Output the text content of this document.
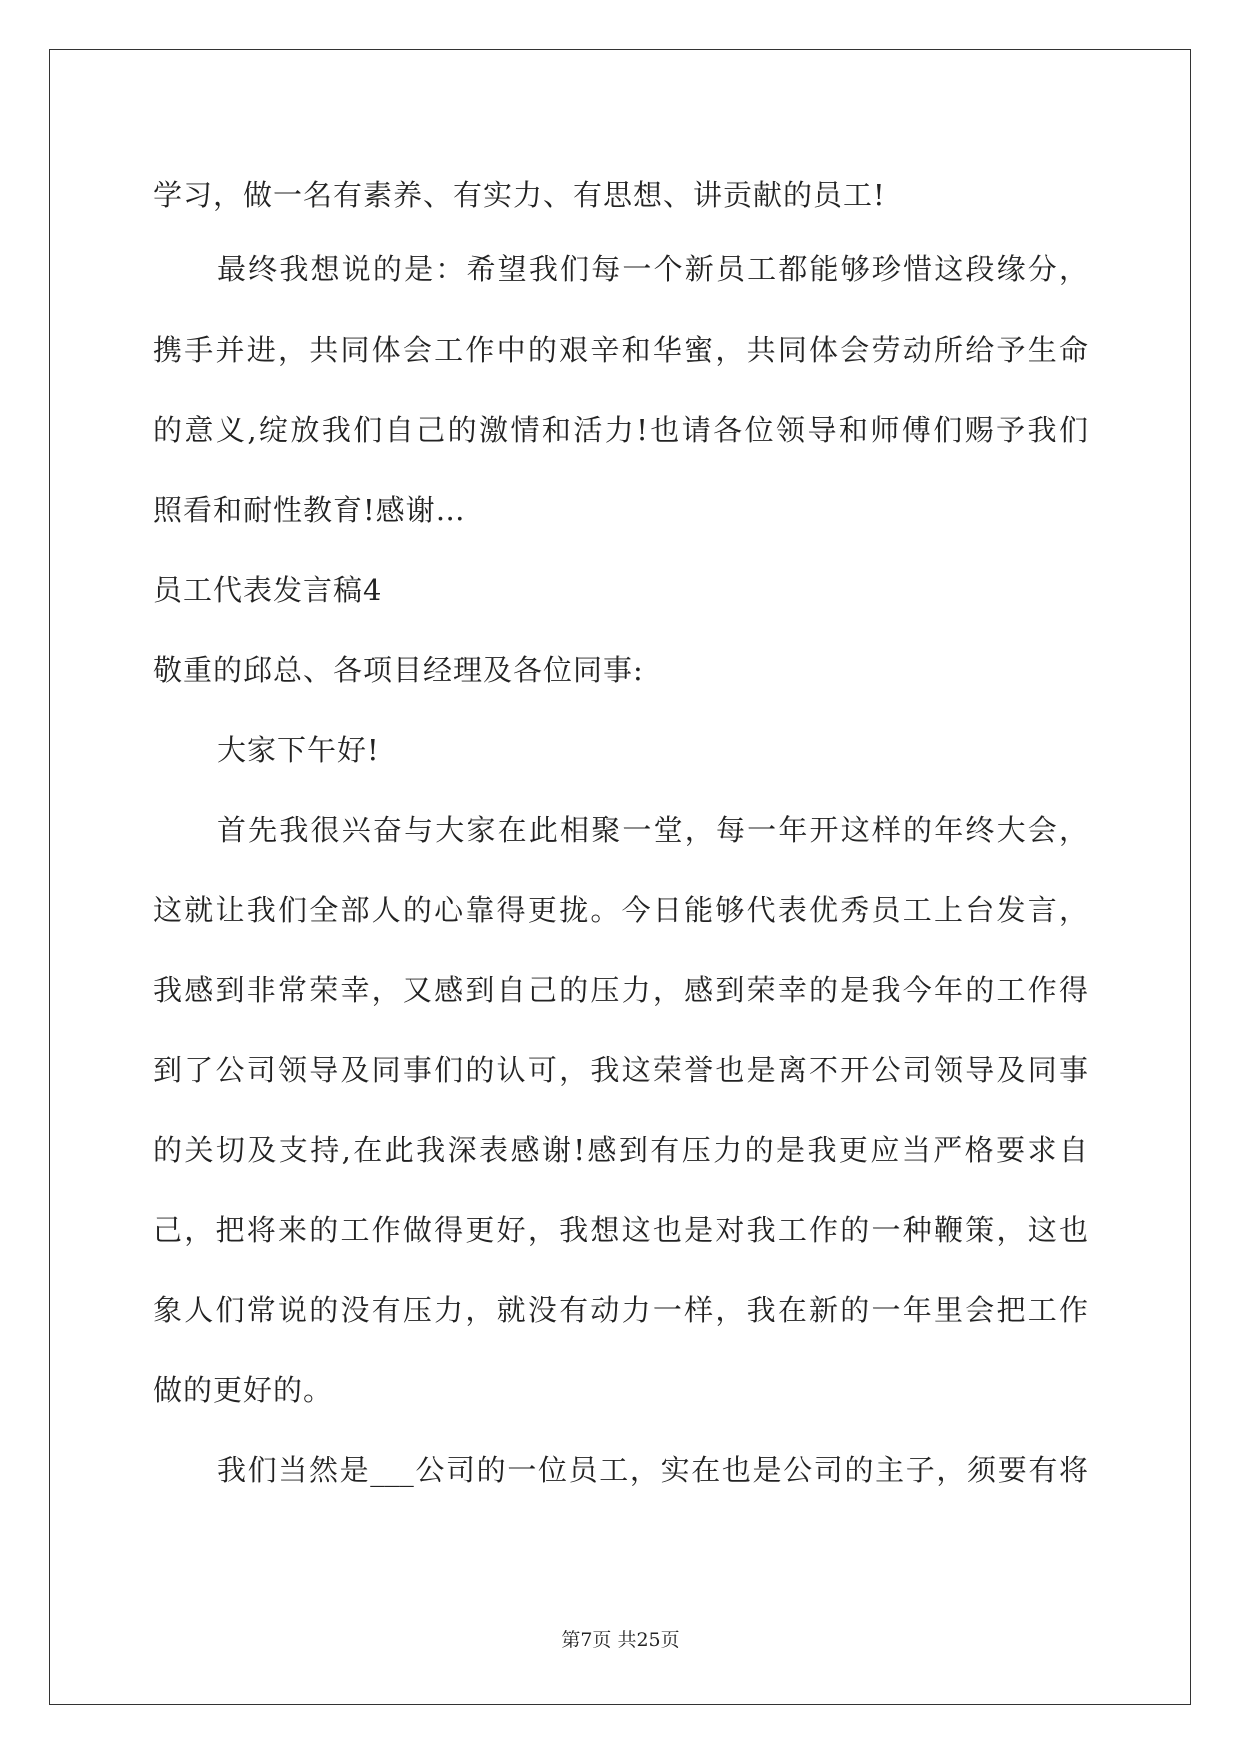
学习，做一名有素养、有实力、有思想、讲贡献的员工!
最终我想说的是：希望我们每一个新员工都能够珍惜这段缘分，
携手并进，共同体会工作中的艰辛和华蜜，共同体会劳动所给予生命
的意义,绽放我们自己的激情和活力!也请各位领导和师傅们赐予我们
照看和耐性教育!感谢…
员工代表发言稿4
敬重的邱总、各项目经理及各位同事:
大家下午好!
首先我很兴奋与大家在此相聚一堂，每一年开这样的年终大会，
这就让我们全部人的心靠得更拢。今日能够代表优秀员工上台发言，
我感到非常荣幸，又感到自己的压力，感到荣幸的是我今年的工作得
到了公司领导及同事们的认可，我这荣誉也是离不开公司领导及同事
的关切及支持,在此我深表感谢!感到有压力的是我更应当严格要求自
己，把将来的工作做得更好，我想这也是对我工作的一种鞭策，这也
象人们常说的没有压力，就没有动力一样，我在新的一年里会把工作
做的更好的。
我们当然是___公司的一位员工，实在也是公司的主子，须要有将
第7页 共25页
